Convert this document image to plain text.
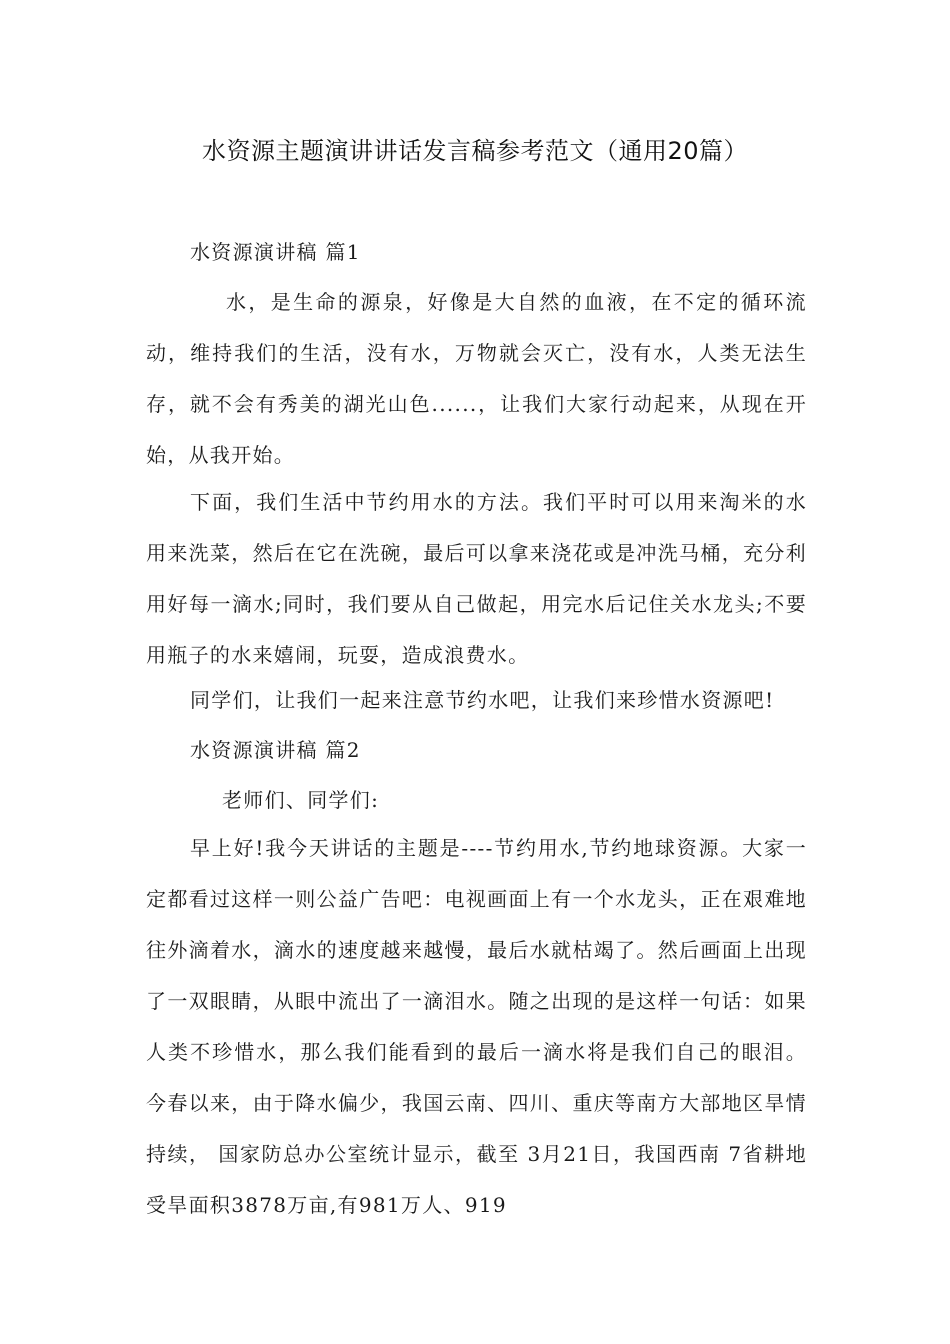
水资源主题演讲讲话发言稿参考范文（通用20篇）

水资源演讲稿 篇1

水，是生命的源泉，好像是大自然的血液，在不定的循环流动，维持我们的生活，没有水，万物就会灭亡，没有水，人类无法生存，就不会有秀美的湖光山色......，让我们大家行动起来，从现在开始，从我开始。

下面，我们生活中节约用水的方法。我们平时可以用来淘米的水用来洗菜，然后在它在洗碗，最后可以拿来浇花或是冲洗马桶，充分利用好每一滴水;同时，我们要从自己做起，用完水后记住关水龙头;不要用瓶子的水来嬉闹，玩耍，造成浪费水。

同学们，让我们一起来注意节约水吧，让我们来珍惜水资源吧!

水资源演讲稿 篇2

老师们、同学们:

早上好!我今天讲话的主题是----节约用水,节约地球资源。大家一定都看过这样一则公益广告吧：电视画面上有一个水龙头，正在艰难地往外滴着水，滴水的速度越来越慢，最后水就枯竭了。然后画面上出现了一双眼睛，从眼中流出了一滴泪水。随之出现的是这样一句话：如果人类不珍惜水，那么我们能看到的最后一滴水将是我们自己的眼泪。 今春以来，由于降水偏少，我国云南、四川、重庆等南方大部地区旱情持续， 国家防总办公室统计显示，截至 3月21日，我国西南 7省耕地受旱面积3878万亩,有981万人、919
